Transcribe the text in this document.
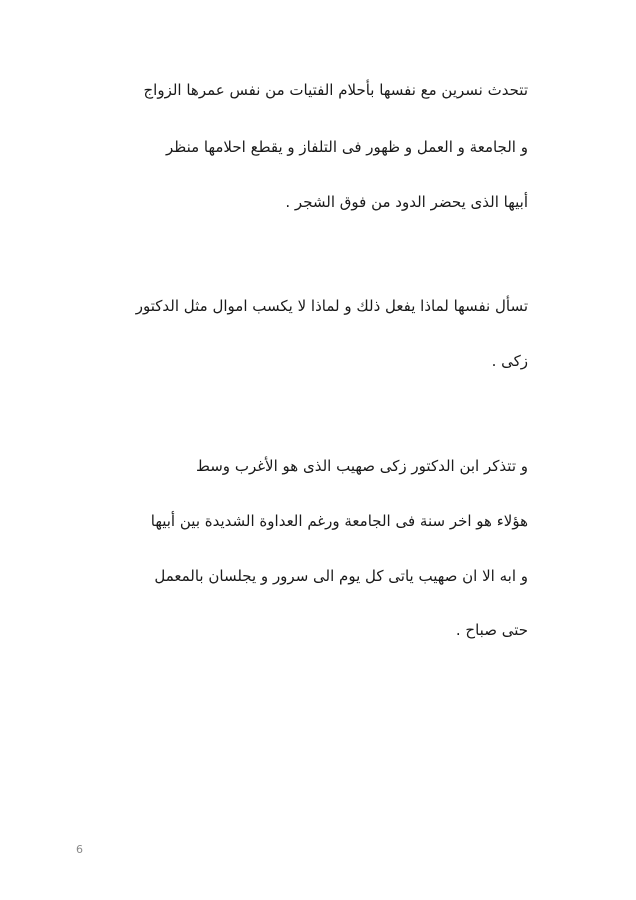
تتحدث نسرين مع نفسها بأحلام الفتيات من نفس عمرها الزواج
و الجامعة و العمل و ظهور فى التلفاز و يقطع احلامها منظر
أبيها الذى يحضر الدود من فوق الشجر .
تسأل نفسها لماذا يفعل ذلك و لماذا لا يكسب اموال مثل الدكتور
زكى .
و تتذكر ابن الدكتور زكى صهيب الذى هو الأغرب وسط
هؤلاء هو اخر سنة فى الجامعة ورغم العداوة الشديدة بين أبيها
و ابه الا ان صهيب ياتى كل يوم الى سرور و يجلسان بالمعمل
حتى صباح .
6
